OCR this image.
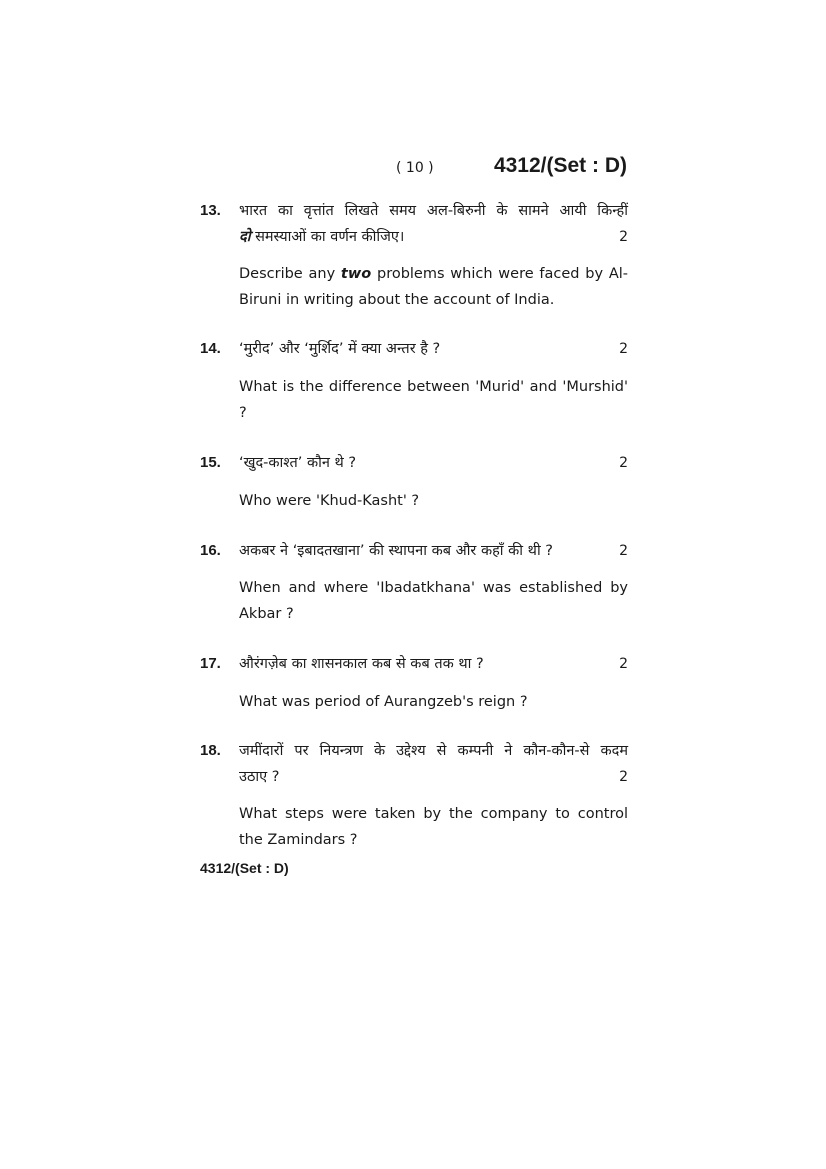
( 10 )	4312/(Set : D)
13. भारत का वृत्तांत लिखते समय अल-बिरुनी के सामने आयी किन्हीं
दो समस्याओं का वर्णन कीजिए।	2
Describe any two problems which were faced by Al-Biruni in writing about the account of India.
14. ‘मुरीद’ और ‘मुर्शिद’ में क्या अन्तर है ?	2
What is the difference between 'Murid' and 'Murshid' ?
15. ‘खुद-काश्त’ कौन थे ?	2
Who were 'Khud-Kasht' ?
16. अकबर ने ‘इबादतखाना’ की स्थापना कब और कहाँ की थी ?	2
When and where 'Ibadatkhana' was established by Akbar ?
17. औरंगज़ेब का शासनकाल कब से कब तक था ?	2
What was period of Aurangzeb's reign ?
18. जमींदारों पर नियन्त्रण के उद्देश्य से कम्पनी ने कौन-कौन-से कदम
उठाए ?	2
What steps were taken by the company to control the Zamindars ?
4312/(Set : D)
